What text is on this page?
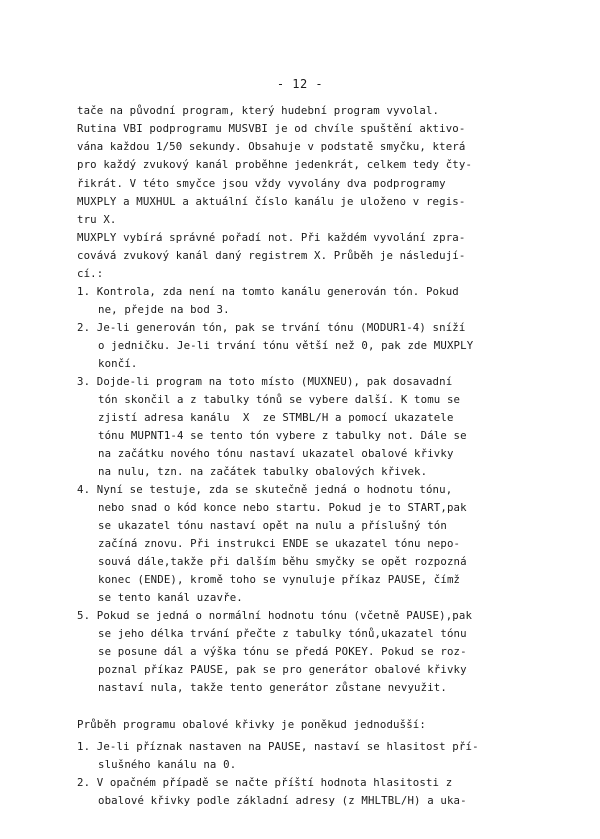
- 12 -
tače na původní program, který hudební program vyvolal.
Rutina VBI podprogramu MUSVBI je od chvíle spuštění aktivo-
vána každou 1/50 sekundy. Obsahuje v podstatě smyčku, která
pro každý zvukový kanál proběhne jedenkrát, celkem tedy čty-
řikrát. V této smyčce jsou vždy vyvolány dva podprogramy
MUXPLY a MUXHUL a aktuální číslo kanálu je uloženo v regis-
tru X.
MUXPLY vybírá správné pořadí not. Při každém vyvolání zpra-
covává zvukový kanál daný registrem X. Průběh je následují-
cí.:
1. Kontrola, zda není na tomto kanálu generován tón. Pokud
ne, přejde na bod 3.
2. Je-li generován tón, pak se trvání tónu (MODUR1-4) sníží
o jedničku. Je-li trvání tónu větší než 0, pak zde MUXPLY
končí.
3. Dojde-li program na toto místo (MUXNEU), pak dosavadní
tón skončil a z tabulky tónů se vybere další. K tomu se
zjistí adresa kanálu  X  ze STMBL/H a pomocí ukazatele
tónu MUPNT1-4 se tento tón vybere z tabulky not. Dále se
na začátku nového tónu nastaví ukazatel obalové křivky
na nulu, tzn. na začátek tabulky obalových křivek.
4. Nyní se testuje, zda se skutečně jedná o hodnotu tónu,
nebo snad o kód konce nebo startu. Pokud je to START,pak
se ukazatel tónu nastaví opět na nulu a příslušný tón
začíná znovu. Při instrukci ENDE se ukazatel tónu nepo-
souvá dále,takže při dalším běhu smyčky se opět rozpozná
konec (ENDE), kromě toho se vynuluje příkaz PAUSE, čímž
se tento kanál uzavře.
5. Pokud se jedná o normální hodnotu tónu (včetně PAUSE),pak
se jeho délka trvání přečte z tabulky tónů,ukazatel tónu
se posune dál a výška tónu se předá POKEY. Pokud se roz-
poznal příkaz PAUSE, pak se pro generátor obalové křivky
nastaví nula, takže tento generátor zůstane nevyužit.
Průběh programu obalové křivky je poněkud jednodušší:
1. Je-li příznak nastaven na PAUSE, nastaví se hlasitost pří-
slušného kanálu na 0.
2. V opačném případě se načte příští hodnota hlasitosti z
obalové křivky podle základní adresy (z MHLTBL/H) a uka-
